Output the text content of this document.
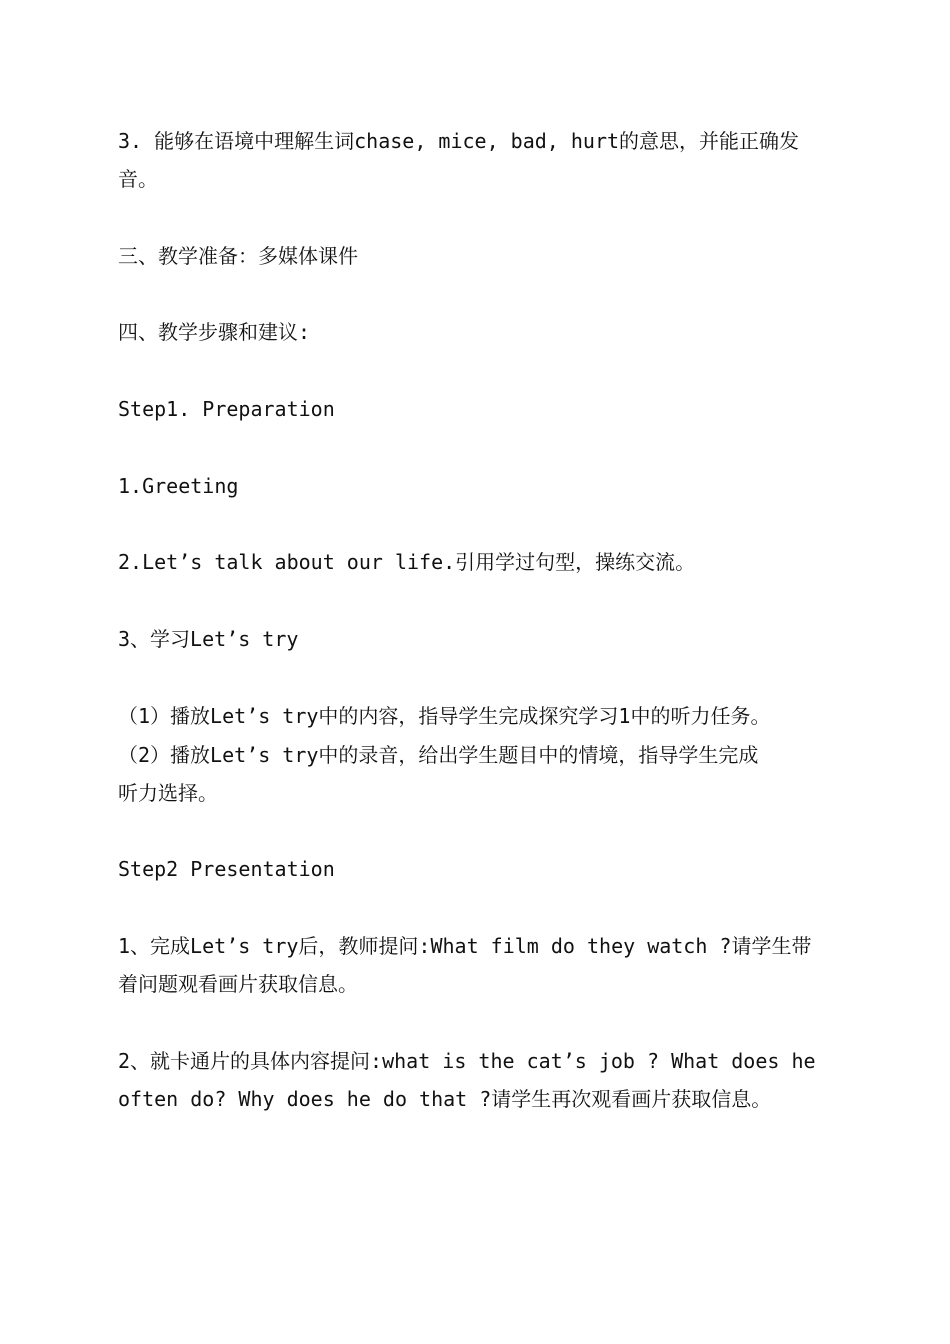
3. 能够在语境中理解生词chase, mice, bad, hurt的意思，并能正确发
音。
三、教学准备：多媒体课件
四、教学步骤和建议:
Step1. Preparation
1.Greeting
2.Let’s talk about our life.引用学过句型，操练交流。
3、学习Let’s try
（1）播放Let’s try中的内容，指导学生完成探究学习1中的听力任务。
（2）播放Let’s try中的录音，给出学生题目中的情境，指导学生完成
听力选择。
Step2 Presentation
1、完成Let’s try后，教师提问:What film do they watch ?请学生带
着问题观看画片获取信息。
2、就卡通片的具体内容提问:what is the cat’s job ? What does he
often do? Why does he do that ?请学生再次观看画片获取信息。
